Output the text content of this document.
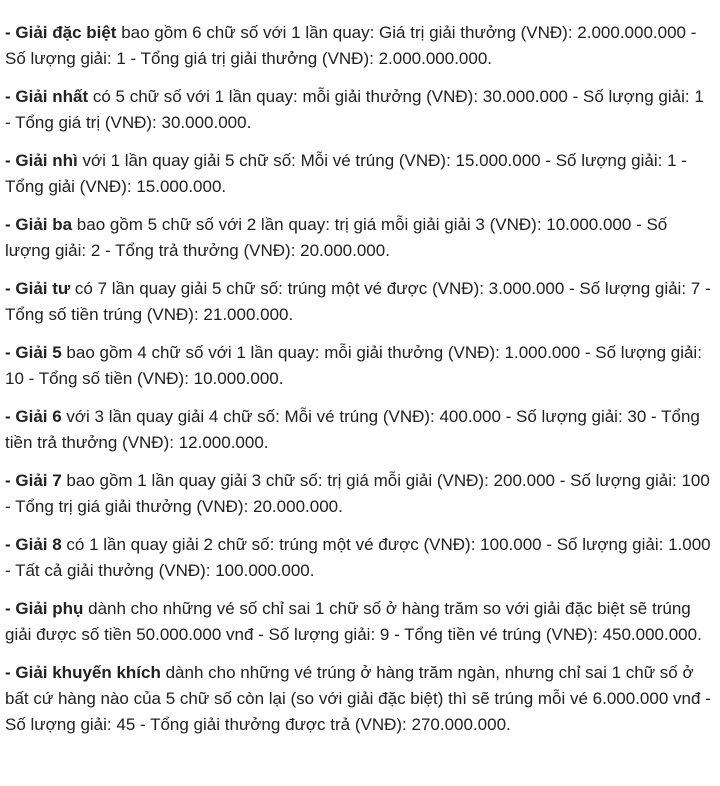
- Giải đặc biệt bao gồm 6 chữ số với 1 lần quay: Giá trị giải thưởng (VNĐ): 2.000.000.000 - Số lượng giải: 1 - Tổng giá trị giải thưởng (VNĐ): 2.000.000.000.

- Giải nhất có 5 chữ số với 1 lần quay: mỗi giải thưởng (VNĐ): 30.000.000 - Số lượng giải: 1 - Tổng giá trị (VNĐ): 30.000.000.

- Giải nhì với 1 lần quay giải 5 chữ số: Mỗi vé trúng (VNĐ): 15.000.000 - Số lượng giải: 1 - Tổng giải (VNĐ): 15.000.000.

- Giải ba bao gồm 5 chữ số với 2 lần quay: trị giá mỗi giải giải 3 (VNĐ): 10.000.000 - Số lượng giải: 2 - Tổng trả thưởng (VNĐ): 20.000.000.

- Giải tư có 7 lần quay giải 5 chữ số: trúng một vé được (VNĐ): 3.000.000 - Số lượng giải: 7 - Tổng số tiền trúng (VNĐ): 21.000.000.

- Giải 5 bao gồm 4 chữ số với 1 lần quay: mỗi giải thưởng (VNĐ): 1.000.000 - Số lượng giải: 10 - Tổng số tiền (VNĐ): 10.000.000.

- Giải 6 với 3 lần quay giải 4 chữ số: Mỗi vé trúng (VNĐ): 400.000 - Số lượng giải: 30 - Tổng tiền trả thưởng (VNĐ): 12.000.000.

- Giải 7 bao gồm 1 lần quay giải 3 chữ số: trị giá mỗi giải (VNĐ): 200.000 - Số lượng giải: 100 - Tổng trị giá giải thưởng (VNĐ): 20.000.000.

- Giải 8 có 1 lần quay giải 2 chữ số: trúng một vé được (VNĐ): 100.000 - Số lượng giải: 1.000 - Tất cả giải thưởng (VNĐ): 100.000.000.

- Giải phụ dành cho những vé số chỉ sai 1 chữ số ở hàng trăm so với giải đặc biệt sẽ trúng giải được số tiền 50.000.000 vnđ - Số lượng giải: 9 - Tổng tiền vé trúng (VNĐ): 450.000.000.

- Giải khuyến khích dành cho những vé trúng ở hàng trăm ngàn, nhưng chỉ sai 1 chữ số ở bất cứ hàng nào của 5 chữ số còn lại (so với giải đặc biệt) thì sẽ trúng mỗi vé 6.000.000 vnđ - Số lượng giải: 45 - Tổng giải thưởng được trả (VNĐ): 270.000.000.
